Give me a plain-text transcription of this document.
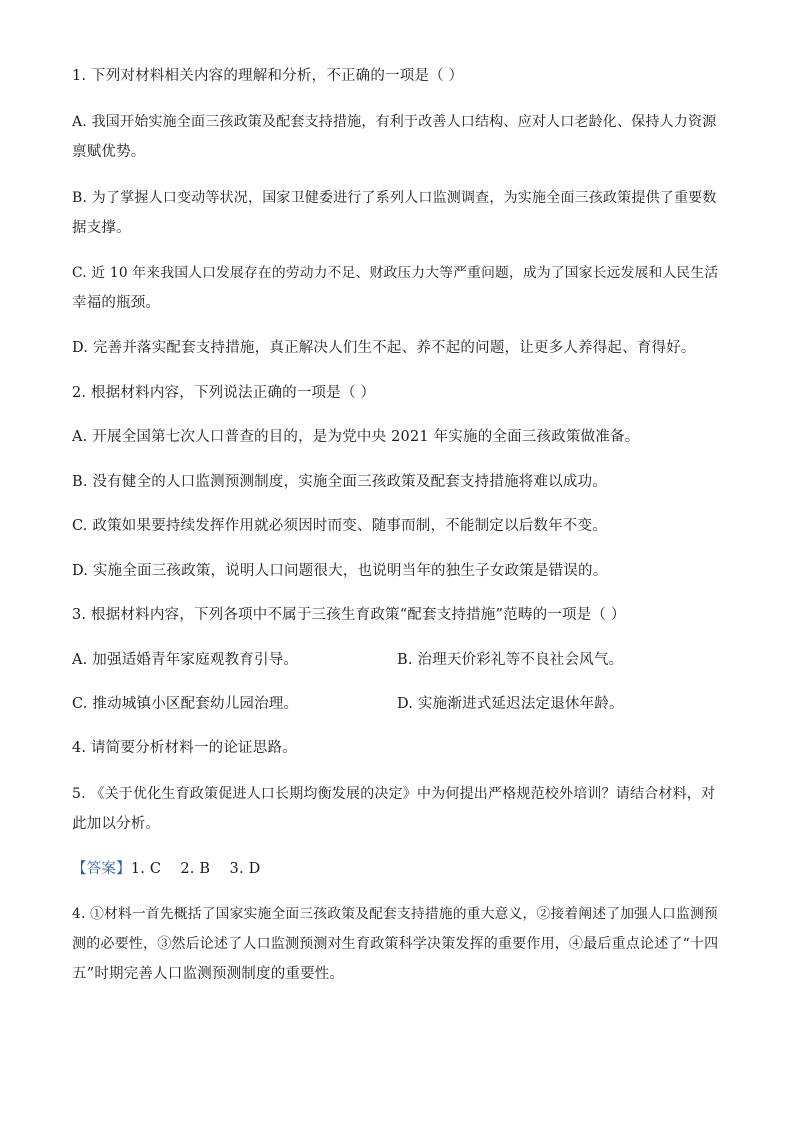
1. 下列对材料相关内容的理解和分析，不正确的一项是（ ）
A. 我国开始实施全面三孩政策及配套支持措施，有利于改善人口结构、应对人口老龄化、保持人力资源
禀赋优势。
B. 为了掌握人口变动等状况，国家卫健委进行了系列人口监测调查，为实施全面三孩政策提供了重要数
据支撑。
C. 近 10 年来我国人口发展存在的劳动力不足、财政压力大等严重问题，成为了国家长远发展和人民生活
幸福的瓶颈。
D. 完善并落实配套支持措施，真正解决人们生不起、养不起的问题，让更多人养得起、育得好。
2. 根据材料内容，下列说法正确的一项是（ ）
A. 开展全国第七次人口普查的目的，是为党中央 2021 年实施的全面三孩政策做准备。
B. 没有健全的人口监测预测制度，实施全面三孩政策及配套支持措施将难以成功。
C. 政策如果要持续发挥作用就必须因时而变、随事而制，不能制定以后数年不变。
D. 实施全面三孩政策，说明人口问题很大，也说明当年的独生子女政策是错误的。
3. 根据材料内容，下列各项中不属于三孩生育政策“配套支持措施”范畴的一项是（ ）
A. 加强适婚青年家庭观教育引导。	B. 治理天价彩礼等不良社会风气。
C. 推动城镇小区配套幼儿园治理。	D. 实施渐进式延迟法定退休年龄。
4. 请简要分析材料一的论证思路。
5. 《关于优化生育政策促进人口长期均衡发展的决定》中为何提出严格规范校外培训？请结合材料，对
此加以分析。
【答案】1. C    2. B    3. D
4. ①材料一首先概括了国家实施全面三孩政策及配套支持措施的重大意义，②接着阐述了加强人口监测预
测的必要性，③然后论述了人口监测预测对生育政策科学决策发挥的重要作用，④最后重点论述了“十四
五”时期完善人口监测预测制度的重要性。
